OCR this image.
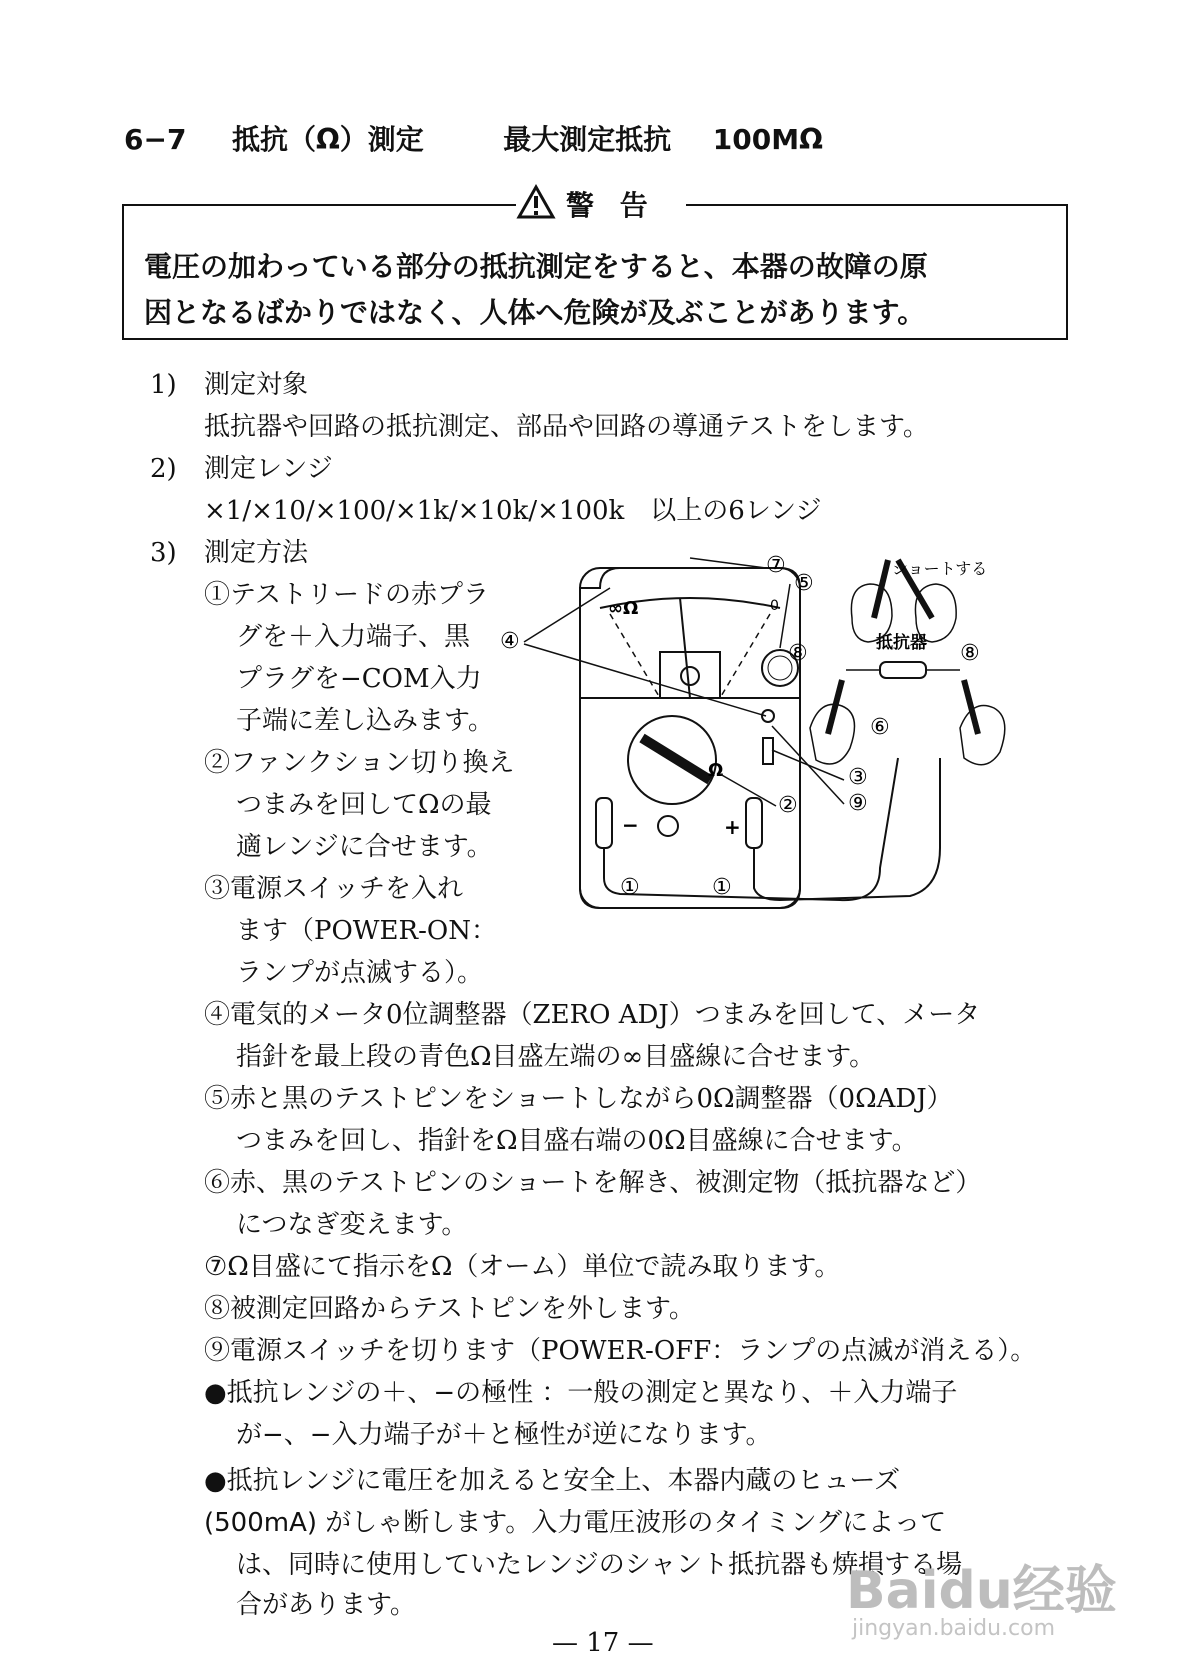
6−7 抵抗（Ω）測定	最大測定抵抗 100MΩ
警 告
電圧の加わっている部分の抵抗測定をすると、本器の故障の原
因となるばかりではなく、人体へ危険が及ぶことがあります。
1) 測定対象
抵抗器や回路の抵抗測定、部品や回路の導通テストをします。
2) 測定レンジ
×1/×10/×100/×1k/×10k/×100k　以上の6レンジ
3) 測定方法
①テストリードの赤プラ
グを＋入力端子、黒
プラグを−COM入力
子端に差し込みます。
②ファンクション切り換え
つまみを回してΩの最
適レンジに合せます。
③電源スイッチを入れ
ます（POWER-ON：
ランプが点滅する）。
∞Ω	0
Ω
−	+
抵抗器
ショートする
⑦
⑤
④	⑧	⑧
⑥
③
⑨
②
①	①
④電気的メータ0位調整器（ZERO ADJ）つまみを回して、メータ
指針を最上段の青色Ω目盛左端の∞目盛線に合せます。
⑤赤と黒のテストピンをショートしながら0Ω調整器（0ΩADJ）
つまみを回し、指針をΩ目盛右端の0Ω目盛線に合せます。
⑥赤、黒のテストピンのショートを解き、被測定物（抵抗器など）
につなぎ変えます。
⑦Ω目盛にて指示をΩ（オーム）単位で読み取ります。
⑧被測定回路からテストピンを外します。
⑨電源スイッチを切ります（POWER-OFF：ランプの点滅が消える）。
●抵抗レンジの＋、−の極性 ：一般の測定と異なり、＋入力端子
が−、−入力端子が＋と極性が逆になります。
●抵抗レンジに電圧を加えると安全上、本器内蔵のヒューズ
(500mA) がしゃ断します。入力電圧波形のタイミングによって
は、同時に使用していたレンジのシャント抵抗器も焼損する場
合があります。	Baidu经验
jingyan.baidu.com
— 17 —
